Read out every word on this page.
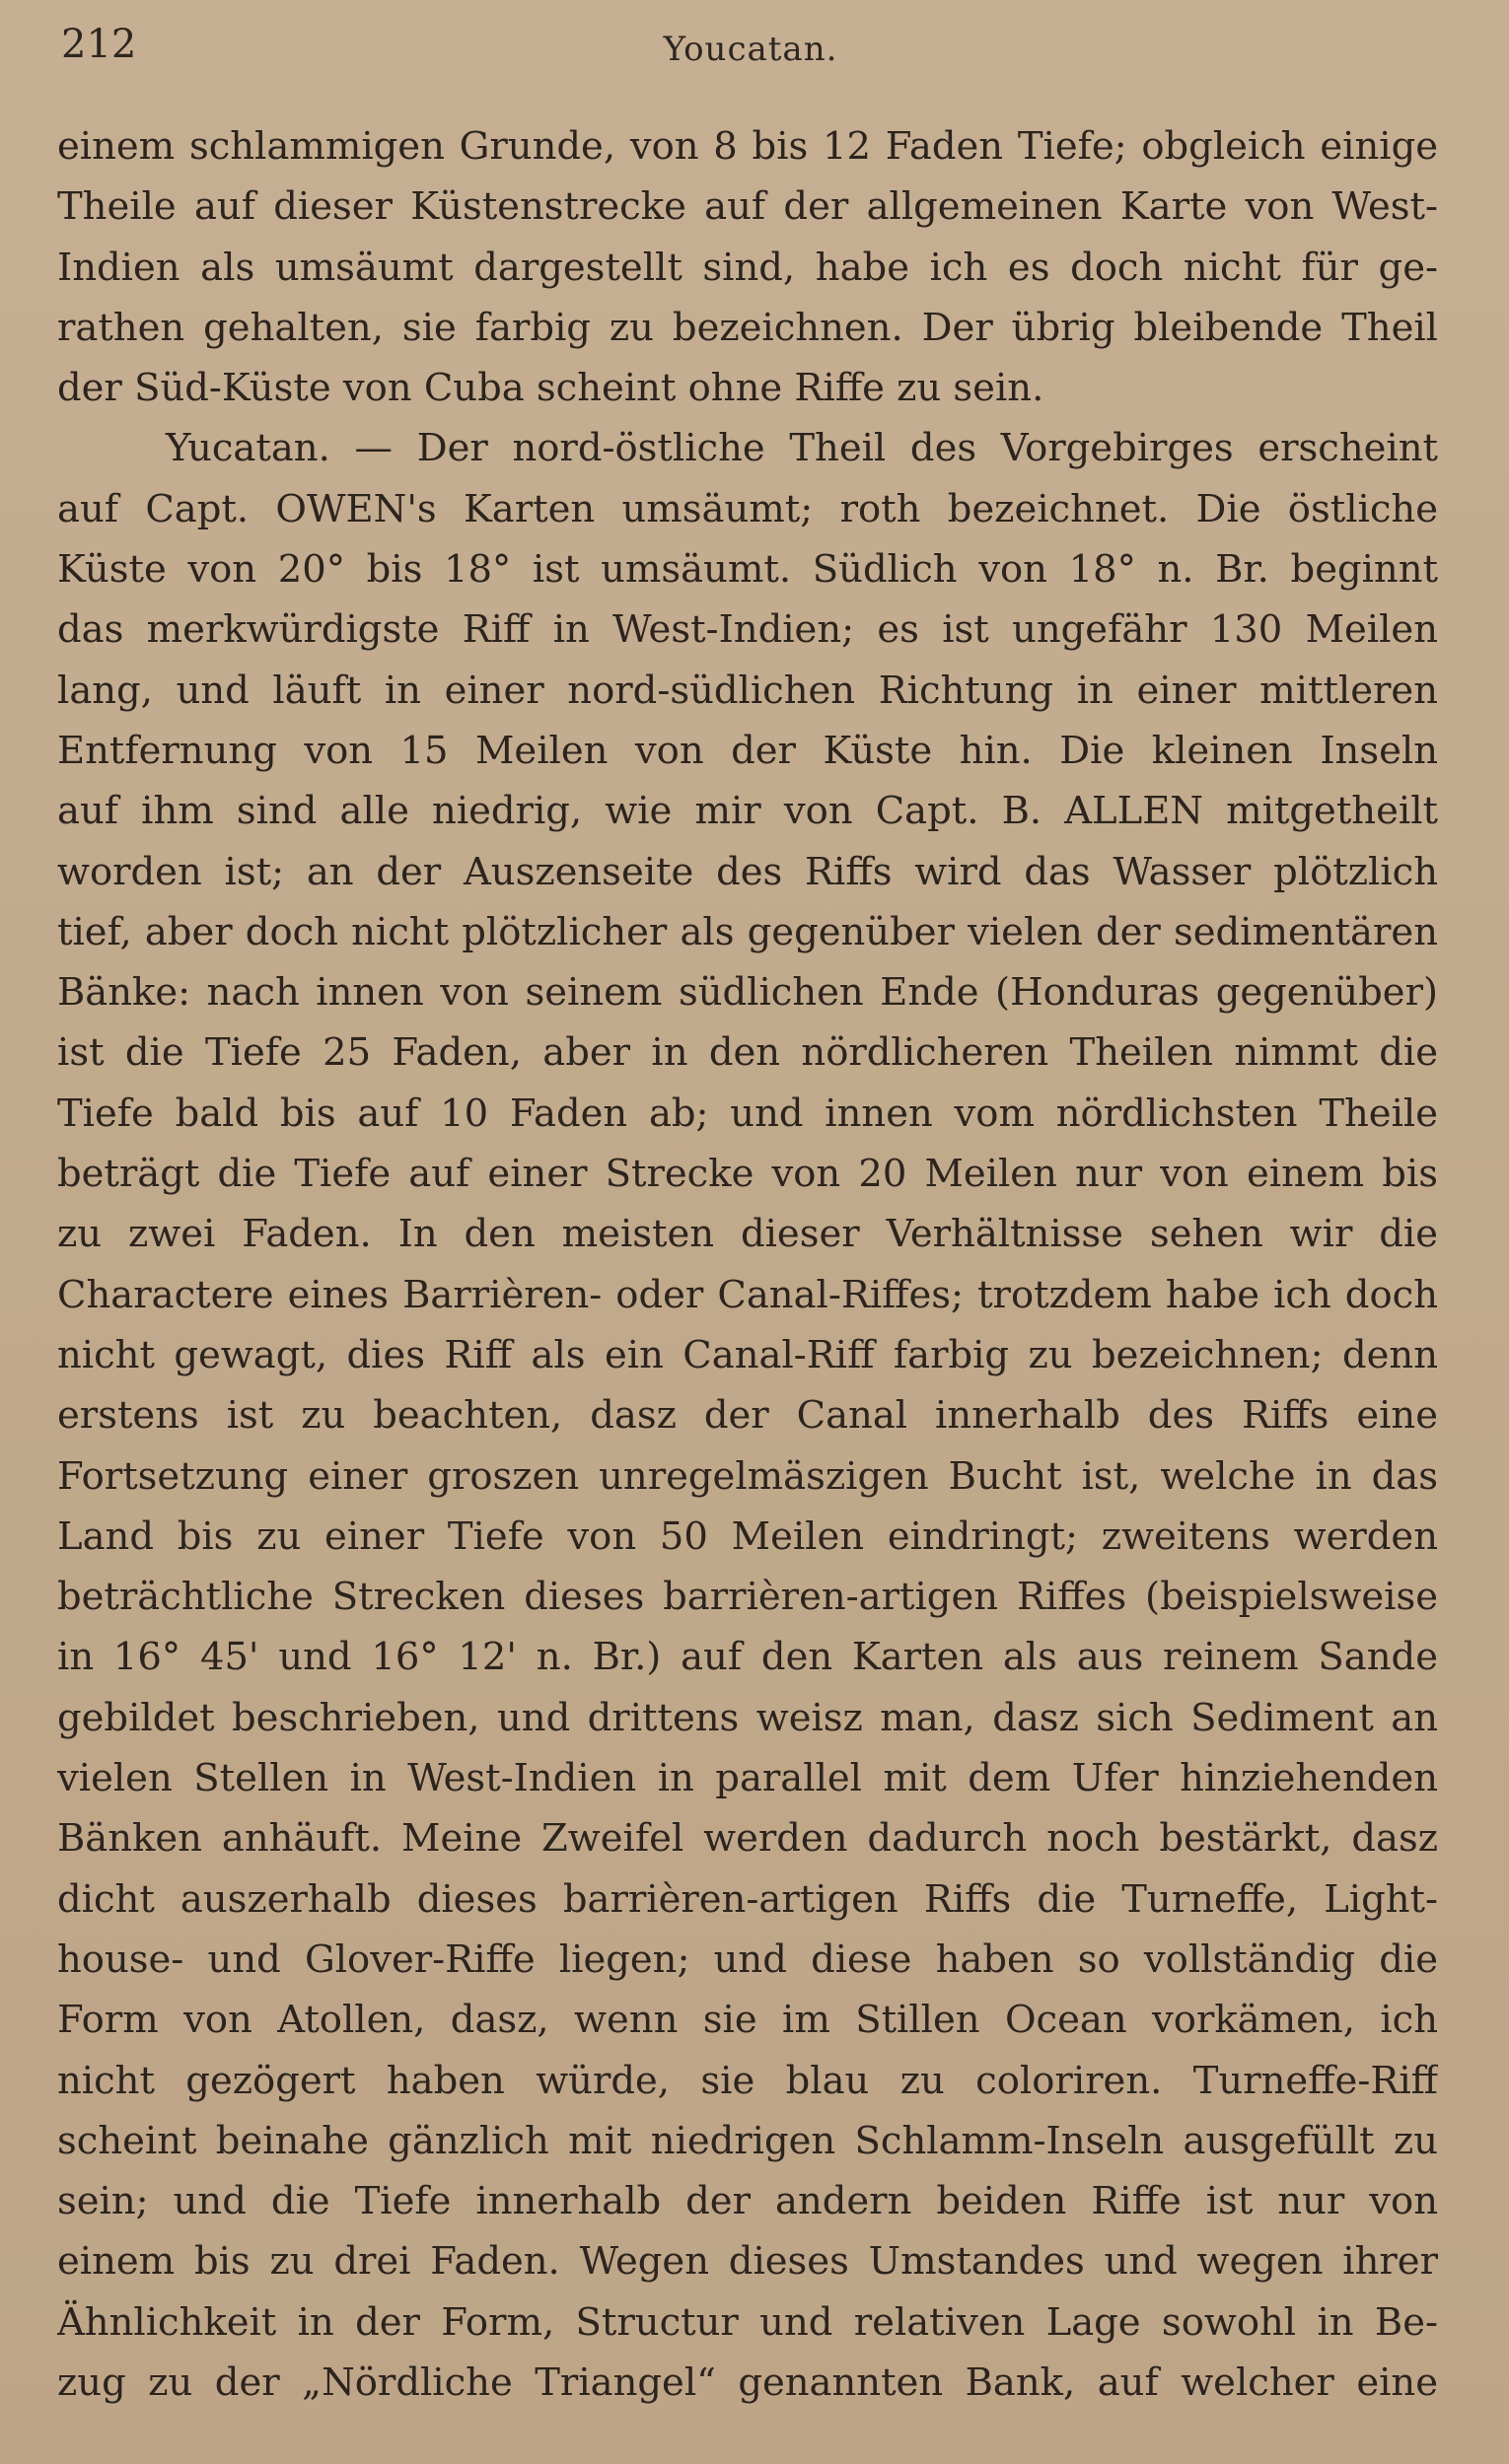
212	Youcatan.
einem schlammigen Grunde, von 8 bis 12 Faden Tiefe; obgleich einige
Theile auf dieser Küstenstrecke auf der allgemeinen Karte von West-
Indien als umsäumt dargestellt sind, habe ich es doch nicht für ge-
rathen gehalten, sie farbig zu bezeichnen. Der übrig bleibende Theil
der Süd-Küste von Cuba scheint ohne Riffe zu sein.
Yucatan. — Der nord-östliche Theil des Vorgebirges erscheint
auf Capt. OWEN's Karten umsäumt; roth bezeichnet. Die östliche
Küste von 20° bis 18° ist umsäumt. Südlich von 18° n. Br. beginnt
das merkwürdigste Riff in West-Indien; es ist ungefähr 130 Meilen
lang, und läuft in einer nord-südlichen Richtung in einer mittleren
Entfernung von 15 Meilen von der Küste hin. Die kleinen Inseln
auf ihm sind alle niedrig, wie mir von Capt. B. ALLEN mitgetheilt
worden ist; an der Auszenseite des Riffs wird das Wasser plötzlich
tief, aber doch nicht plötzlicher als gegenüber vielen der sedimentären
Bänke: nach innen von seinem südlichen Ende (Honduras gegenüber)
ist die Tiefe 25 Faden, aber in den nördlicheren Theilen nimmt die
Tiefe bald bis auf 10 Faden ab; und innen vom nördlichsten Theile
beträgt die Tiefe auf einer Strecke von 20 Meilen nur von einem bis
zu zwei Faden. In den meisten dieser Verhältnisse sehen wir die
Charactere eines Barrièren- oder Canal-Riffes; trotzdem habe ich doch
nicht gewagt, dies Riff als ein Canal-Riff farbig zu bezeichnen; denn
erstens ist zu beachten, dasz der Canal innerhalb des Riffs eine
Fortsetzung einer groszen unregelmäszigen Bucht ist, welche in das
Land bis zu einer Tiefe von 50 Meilen eindringt; zweitens werden
beträchtliche Strecken dieses barrièren-artigen Riffes (beispielsweise
in 16° 45' und 16° 12' n. Br.) auf den Karten als aus reinem Sande
gebildet beschrieben, und drittens weisz man, dasz sich Sediment an
vielen Stellen in West-Indien in parallel mit dem Ufer hinziehenden
Bänken anhäuft. Meine Zweifel werden dadurch noch bestärkt, dasz
dicht auszerhalb dieses barrièren-artigen Riffs die Turneffe, Light-
house- und Glover-Riffe liegen; und diese haben so vollständig die
Form von Atollen, dasz, wenn sie im Stillen Ocean vorkämen, ich
nicht gezögert haben würde, sie blau zu coloriren. Turneffe-Riff
scheint beinahe gänzlich mit niedrigen Schlamm-Inseln ausgefüllt zu
sein; und die Tiefe innerhalb der andern beiden Riffe ist nur von
einem bis zu drei Faden. Wegen dieses Umstandes und wegen ihrer
Ähnlichkeit in der Form, Structur und relativen Lage sowohl in Be-
zug zu der „Nördliche Triangel“ genannten Bank, auf welcher eine
